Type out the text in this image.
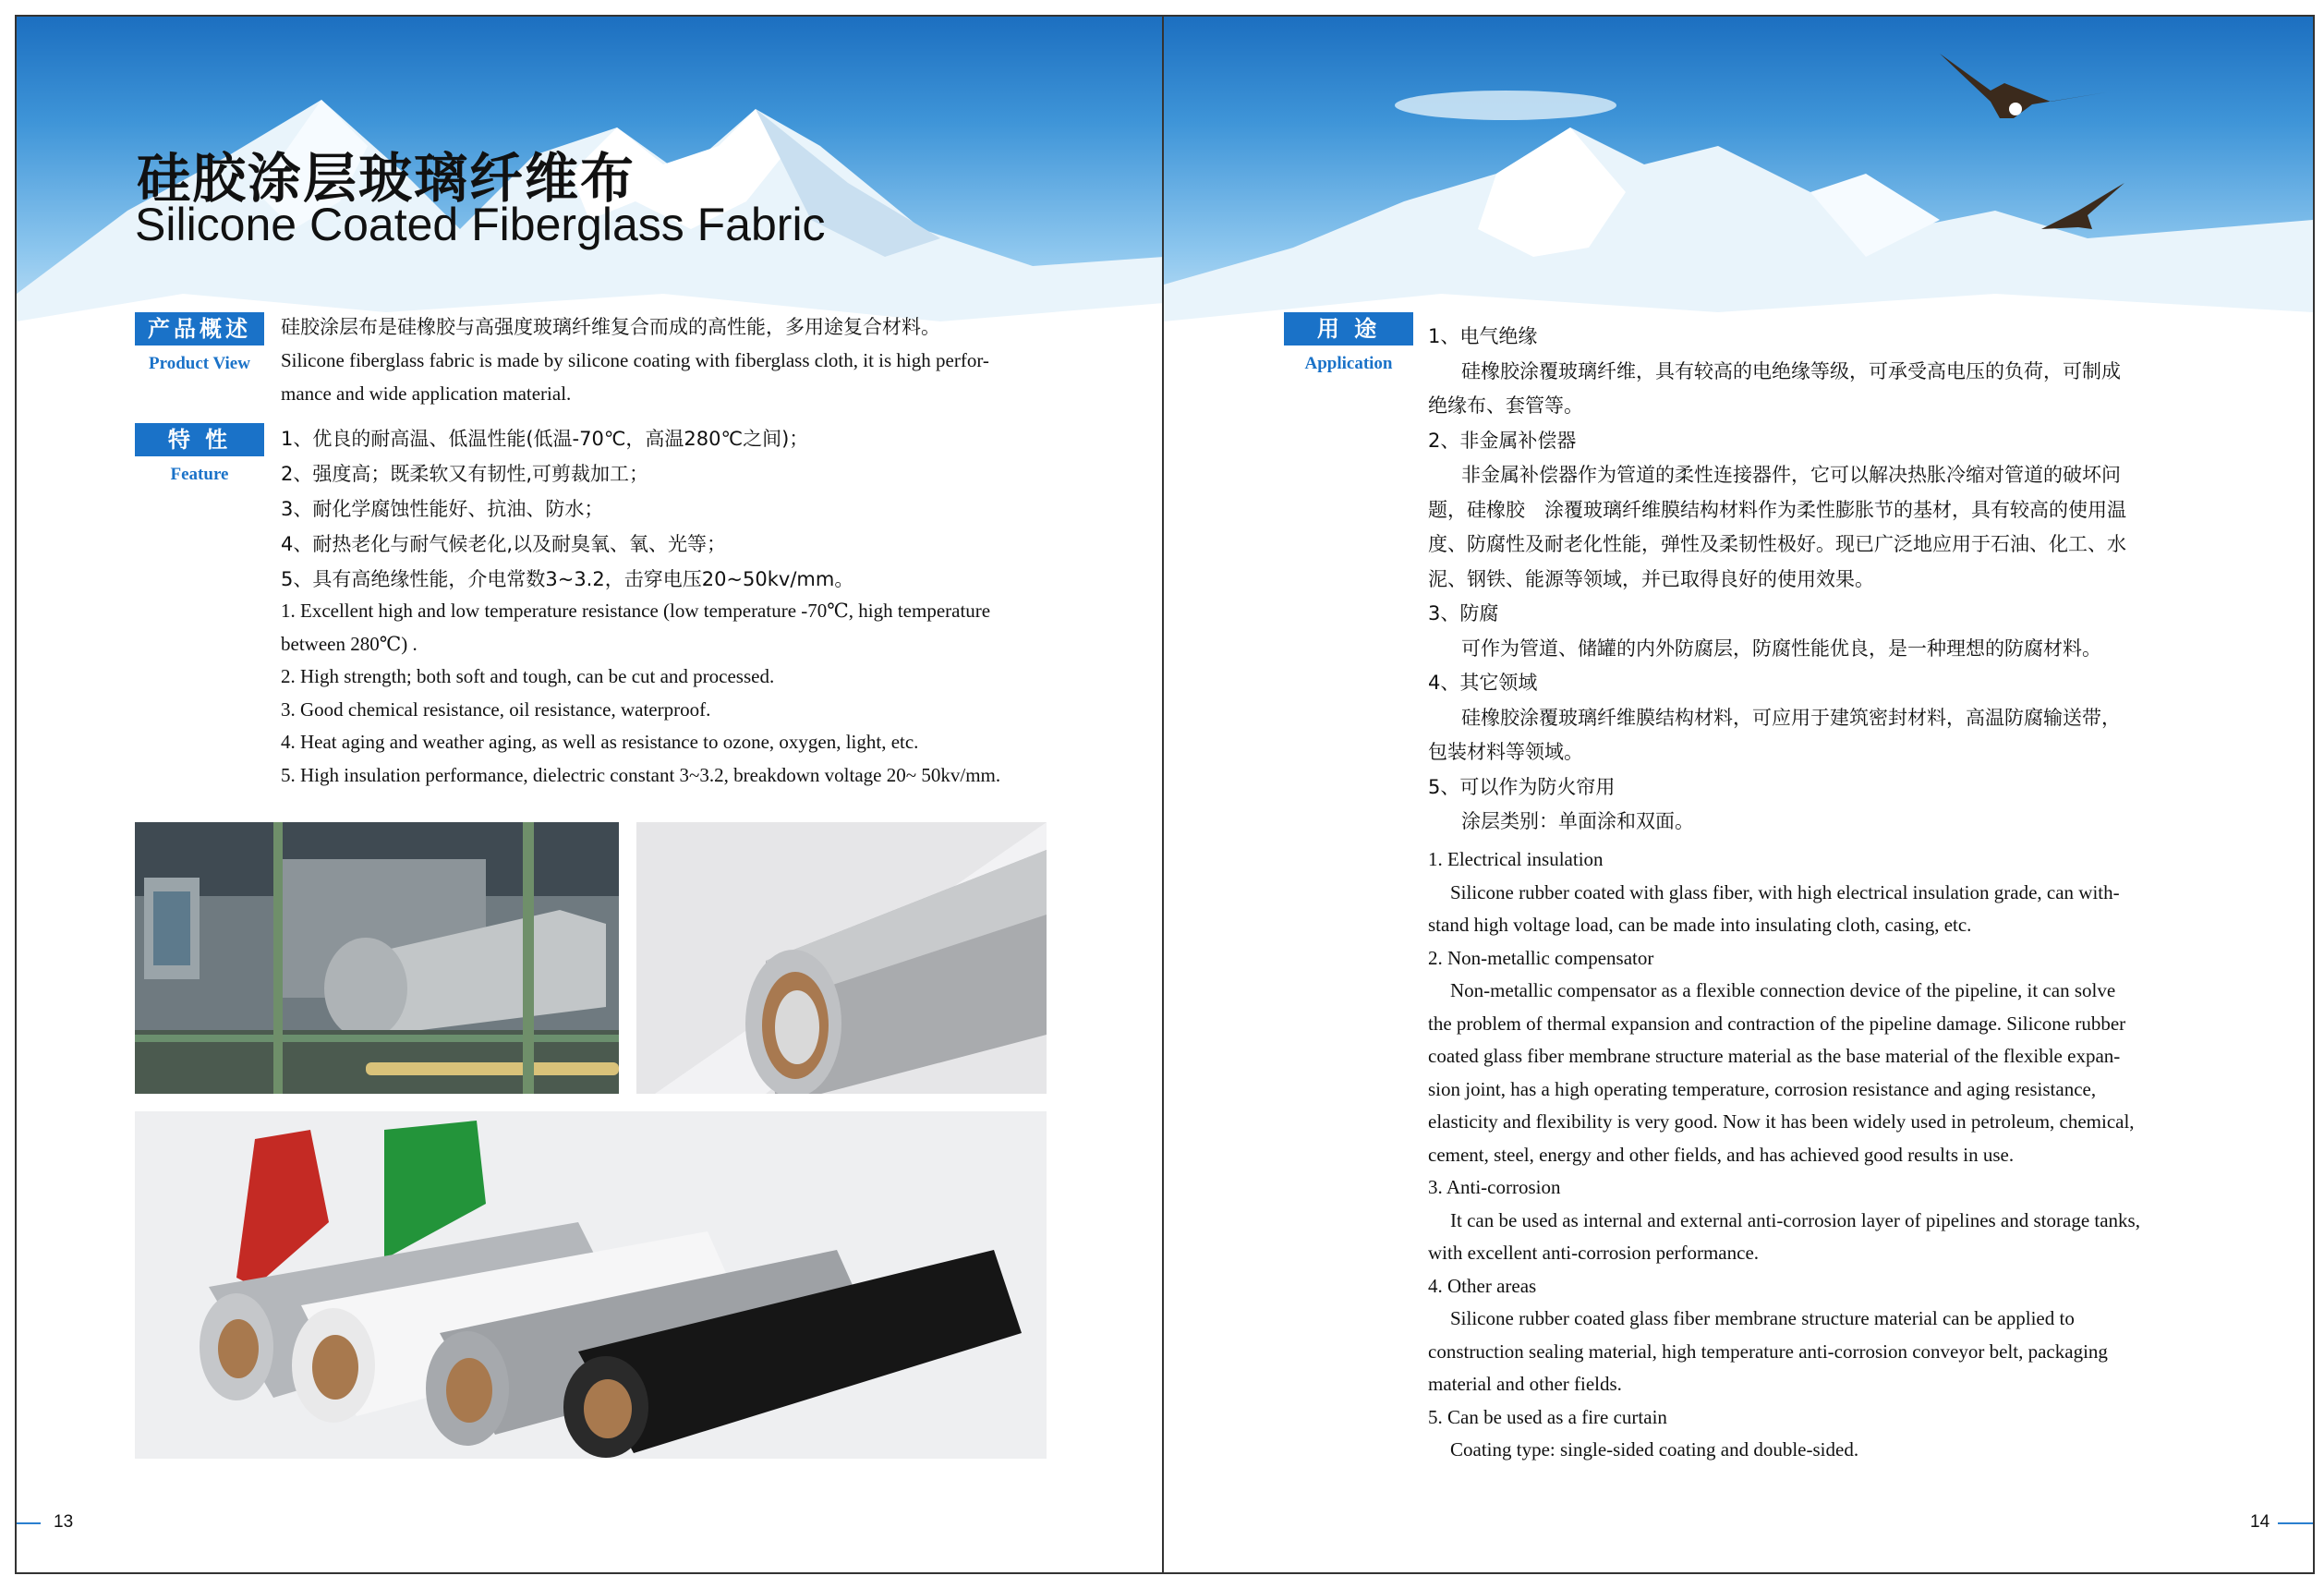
硅胶涂层玻璃纤维布
Silicone Coated Fiberglass Fabric
产品概述
Product View
硅胶涂层布是硅橡胶与高强度玻璃纤维复合而成的高性能，多用途复合材料。
Silicone fiberglass fabric is made by silicone coating with fiberglass cloth, it is high perfor-
mance and wide application material.
特 性
Feature
1、优良的耐高温、低温性能(低温-70℃，高温280℃之间)；
2、强度高；既柔软又有韧性,可剪裁加工；
3、耐化学腐蚀性能好、抗油、防水；
4、耐热老化与耐气候老化,以及耐臭氧、氧、光等；
5、具有高绝缘性能，介电常数3~3.2，击穿电压20~50kv/mm。
1. Excellent high and low temperature resistance (low temperature -70℃, high temperature
between 280℃) .
2. High strength; both soft and tough, can be cut and processed.
3. Good chemical resistance, oil resistance, waterproof.
4. Heat aging and weather aging, as well as resistance to ozone, oxygen, light, etc.
5. High insulation performance, dielectric constant 3~3.2, breakdown voltage 20~ 50kv/mm.
13
用 途
Application
1、电气绝缘
硅橡胶涂覆玻璃纤维，具有较高的电绝缘等级，可承受高电压的负荷，可制成
绝缘布、套管等。
2、非金属补偿器
非金属补偿器作为管道的柔性连接器件，它可以解决热胀冷缩对管道的破坏问
题，硅橡胶　涂覆玻璃纤维膜结构材料作为柔性膨胀节的基材，具有较高的使用温
度、防腐性及耐老化性能，弹性及柔韧性极好。现已广泛地应用于石油、化工、水
泥、钢铁、能源等领域，并已取得良好的使用效果。
3、防腐
可作为管道、储罐的内外防腐层，防腐性能优良，是一种理想的防腐材料。
4、其它领域
硅橡胶涂覆玻璃纤维膜结构材料，可应用于建筑密封材料，高温防腐输送带，
包装材料等领域。
5、可以作为防火帘用
涂层类别：单面涂和双面。
1. Electrical insulation
Silicone rubber coated with glass fiber, with high electrical insulation grade, can with-
stand high voltage load, can be made into insulating cloth, casing, etc.
2. Non-metallic compensator
Non-metallic compensator as a flexible connection device of the pipeline, it can solve
the problem of thermal expansion and contraction of the pipeline damage. Silicone rubber
coated glass fiber membrane structure material as the base material of the flexible expan-
sion joint, has a high operating temperature, corrosion resistance and aging resistance,
elasticity and flexibility is very good. Now it has been widely used in petroleum, chemical,
cement, steel, energy and other fields, and has achieved good results in use.
3. Anti-corrosion
It can be used as internal and external anti-corrosion layer of pipelines and storage tanks,
with excellent anti-corrosion performance.
4. Other areas
Silicone rubber coated glass fiber membrane structure material can be applied to
construction sealing material, high temperature anti-corrosion conveyor belt, packaging
material and other fields.
5. Can be used as a fire curtain
Coating type: single-sided coating and double-sided.
14
